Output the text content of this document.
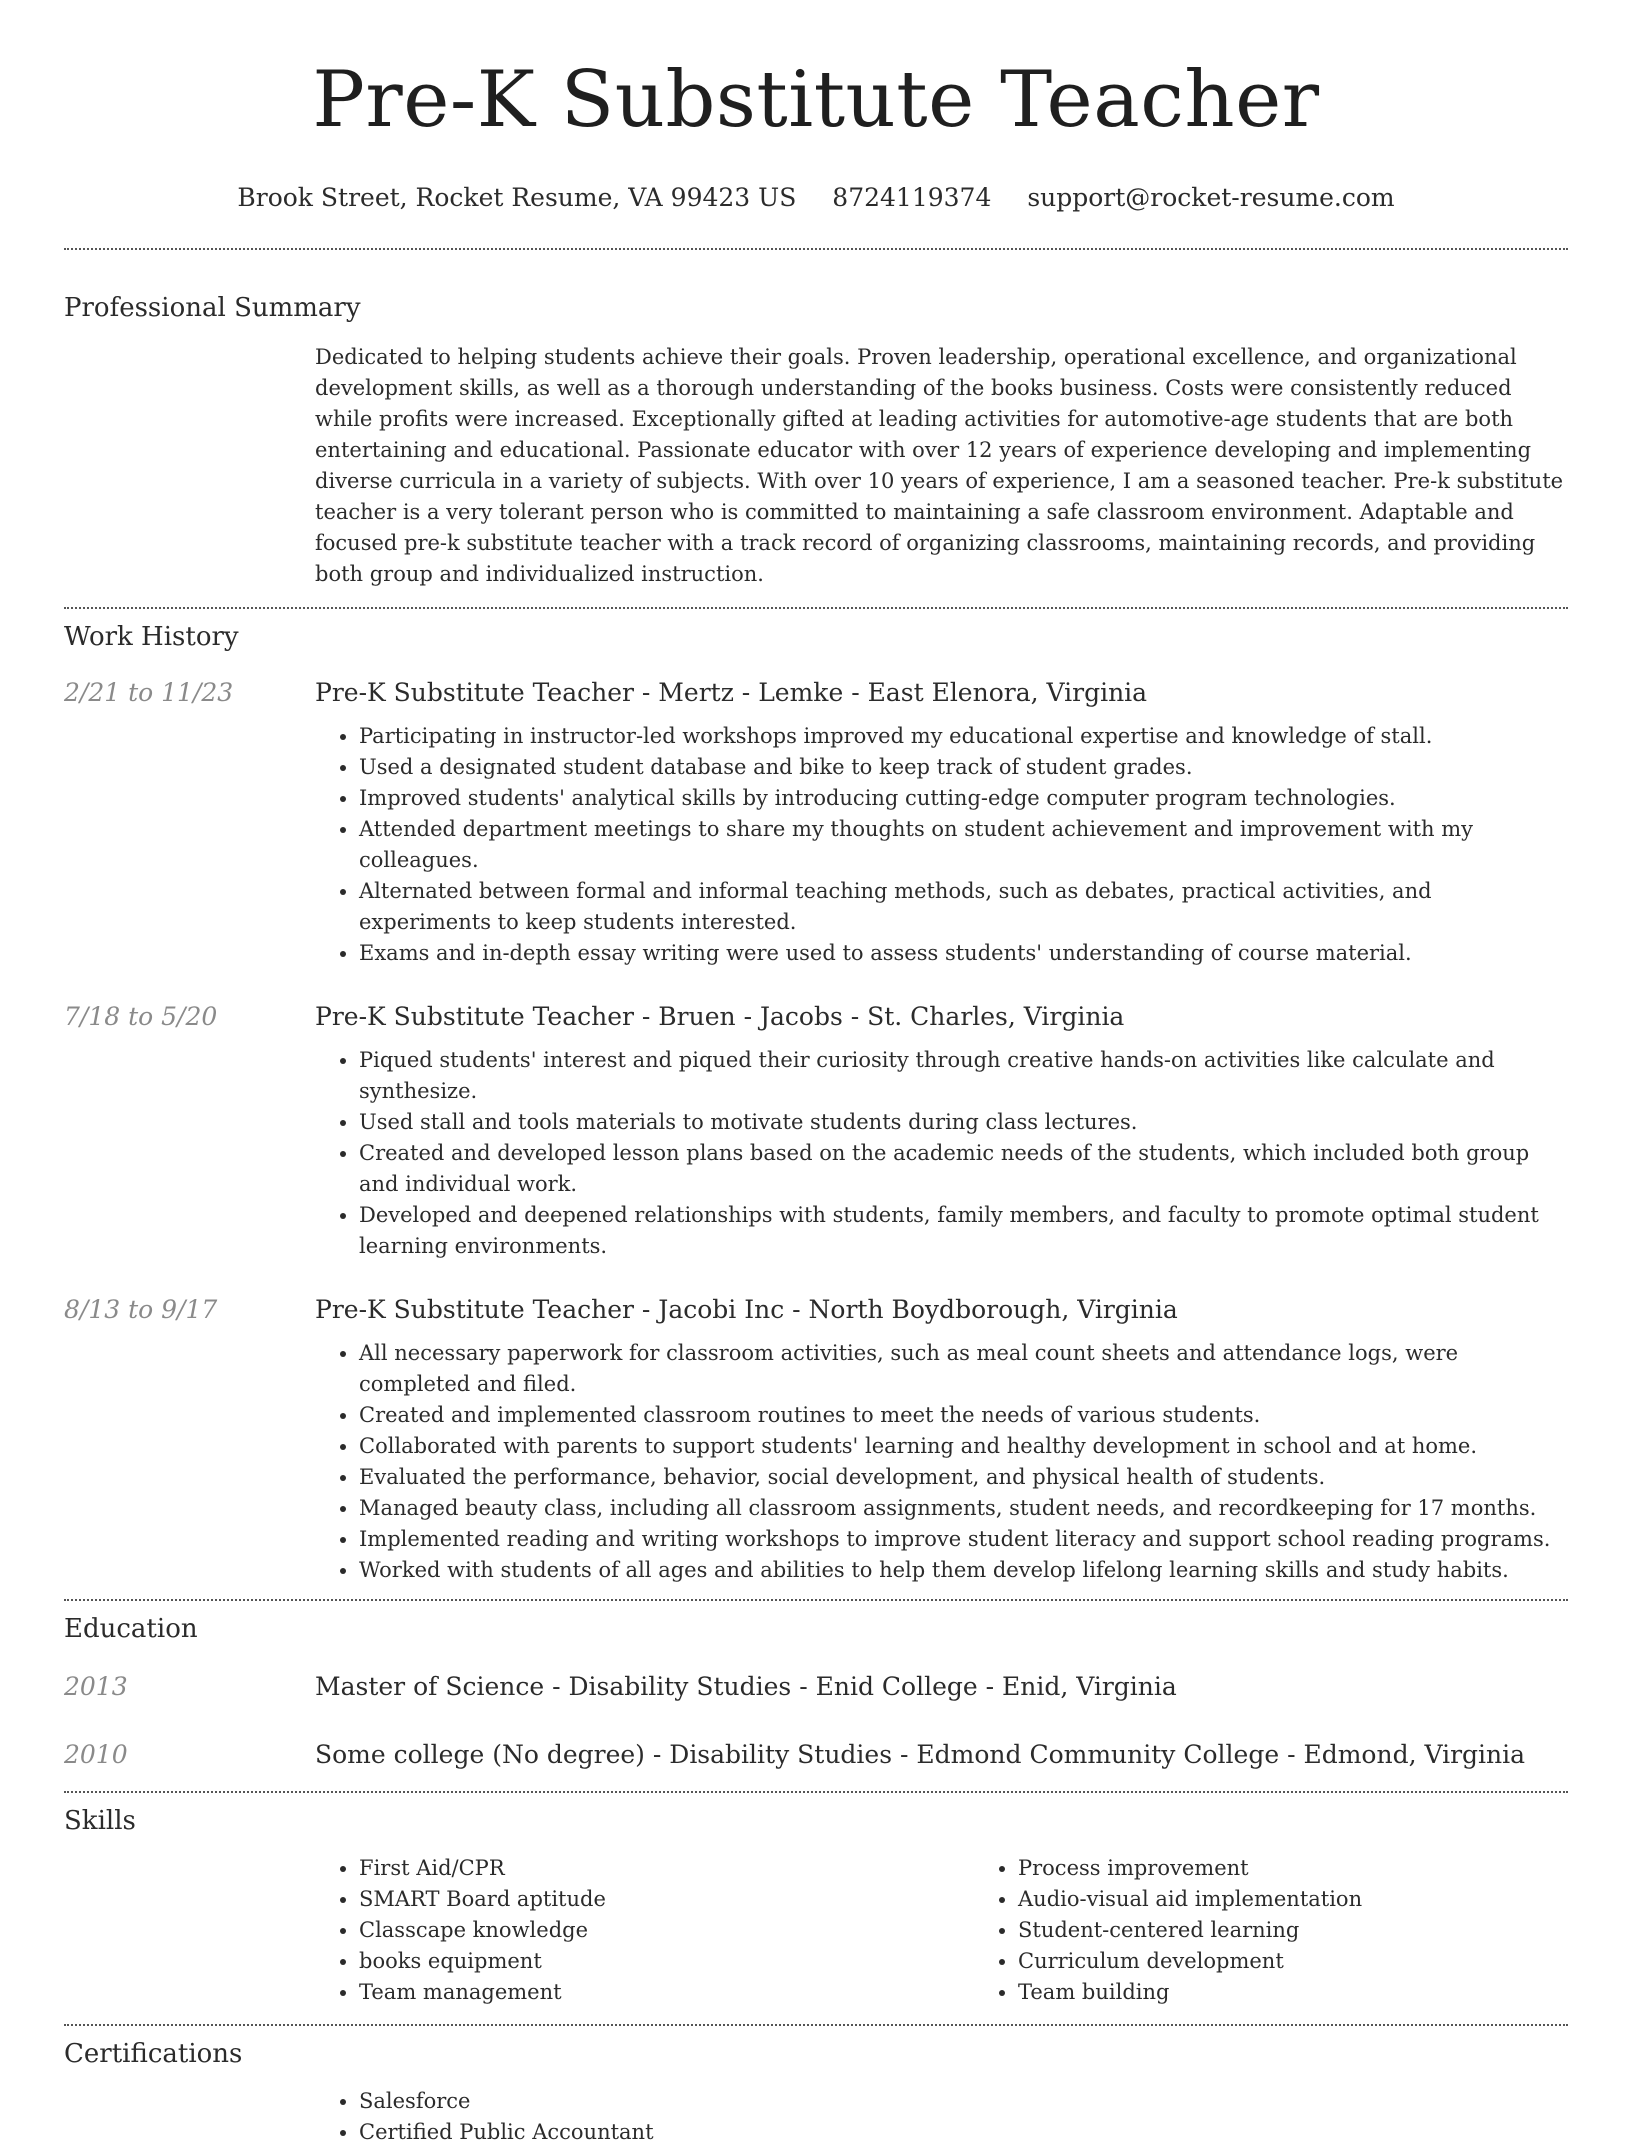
Pre-K Substitute Teacher
Brook Street, Rocket Resume, VA 99423 US 8724119374 support@rocket-resume.com
Professional Summary
Dedicated to helping students achieve their goals. Proven leadership, operational excellence, and organizational development skills, as well as a thorough understanding of the books business. Costs were consistently reduced while profits were increased. Exceptionally gifted at leading activities for automotive-age students that are both entertaining and educational. Passionate educator with over 12 years of experience developing and implementing diverse curricula in a variety of subjects. With over 10 years of experience, I am a seasoned teacher. Pre-k substitute teacher is a very tolerant person who is committed to maintaining a safe classroom environment. Adaptable and focused pre-k substitute teacher with a track record of organizing classrooms, maintaining records, and providing both group and individualized instruction.
Work History
2/21 to 11/23	Pre-K Substitute Teacher - Mertz - Lemke - East Elenora, Virginia
• Participating in instructor-led workshops improved my educational expertise and knowledge of stall.
• Used a designated student database and bike to keep track of student grades.
• Improved students' analytical skills by introducing cutting-edge computer program technologies.
• Attended department meetings to share my thoughts on student achievement and improvement with my colleagues.
• Alternated between formal and informal teaching methods, such as debates, practical activities, and experiments to keep students interested.
• Exams and in-depth essay writing were used to assess students' understanding of course material.
7/18 to 5/20	Pre-K Substitute Teacher - Bruen - Jacobs - St. Charles, Virginia
• Piqued students' interest and piqued their curiosity through creative hands-on activities like calculate and synthesize.
• Used stall and tools materials to motivate students during class lectures.
• Created and developed lesson plans based on the academic needs of the students, which included both group and individual work.
• Developed and deepened relationships with students, family members, and faculty to promote optimal student learning environments.
8/13 to 9/17	Pre-K Substitute Teacher - Jacobi Inc - North Boydborough, Virginia
• All necessary paperwork for classroom activities, such as meal count sheets and attendance logs, were completed and filed.
• Created and implemented classroom routines to meet the needs of various students.
• Collaborated with parents to support students' learning and healthy development in school and at home.
• Evaluated the performance, behavior, social development, and physical health of students.
• Managed beauty class, including all classroom assignments, student needs, and recordkeeping for 17 months.
• Implemented reading and writing workshops to improve student literacy and support school reading programs.
• Worked with students of all ages and abilities to help them develop lifelong learning skills and study habits.
Education
2013	Master of Science - Disability Studies - Enid College - Enid, Virginia
2010	Some college (No degree) - Disability Studies - Edmond Community College - Edmond, Virginia
Skills
• First Aid/CPR
• SMART Board aptitude
• Classcape knowledge
• books equipment
• Team management
• Process improvement
• Audio-visual aid implementation
• Student-centered learning
• Curriculum development
• Team building
Certifications
• Salesforce
• Certified Public Accountant
